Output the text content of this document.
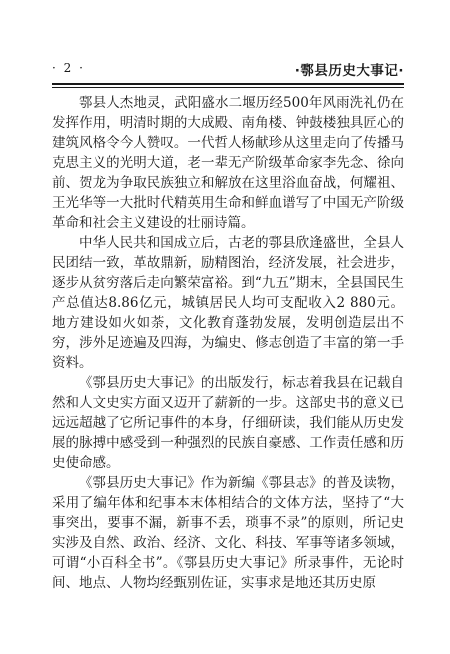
· 2 ·	·鄠县历史大事记·

鄠县人杰地灵，武阳盛水二堰历经500年风雨洗礼仍在发挥作用，明清时期的大成殿、南角楼、钟鼓楼独具匠心的建筑风格令今人赞叹。一代哲人杨献珍从这里走向了传播马克思主义的光明大道，老一辈无产阶级革命家李先念、徐向前、贺龙为争取民族独立和解放在这里浴血奋战，何耀祖、王光华等一大批时代精英用生命和鲜血谱写了中国无产阶级革命和社会主义建设的壮丽诗篇。

中华人民共和国成立后，古老的鄠县欣逢盛世，全县人民团结一致，革故鼎新，励精图治，经济发展，社会进步，逐步从贫穷落后走向繁荣富裕。到“九五”期末，全县国民生产总值达8.86亿元，城镇居民人均可支配收入2 880元。地方建设如火如荼，文化教育蓬勃发展，发明创造层出不穷，涉外足迹遍及四海，为编史、修志创造了丰富的第一手资料。

《鄠县历史大事记》的出版发行，标志着我县在记载自然和人文史实方面又迈开了薪新的一步。这部史书的意义已远远超越了它所记事件的本身，仔细研读，我们能从历史发展的脉搏中感受到一种强烈的民族自豪感、工作责任感和历史使命感。

《鄠县历史大事记》作为新编《鄠县志》的普及读物，采用了编年体和纪事本末体相结合的文体方法，坚持了“大事突出，要事不漏，新事不丢，琐事不录”的原则，所记史实涉及自然、政治、经济、文化、科技、军事等诸多领域，可谓“小百科全书”。《鄠县历史大事记》所录事件，无论时间、地点、人物均经甄别佐证，实事求是地还其历史原
